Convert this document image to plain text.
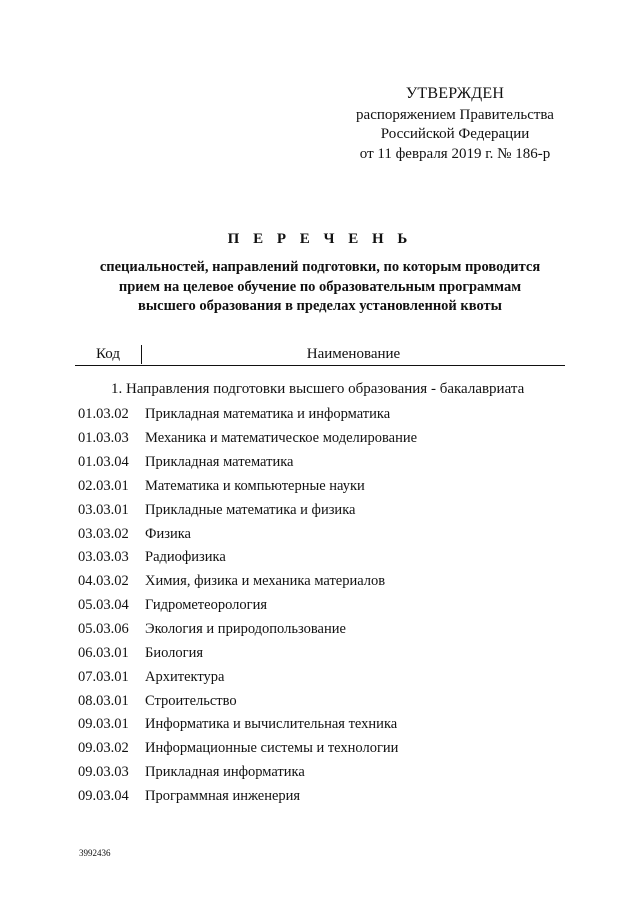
УТВЕРЖДЕН
распоряжением Правительства
Российской Федерации
от 11 февраля 2019 г. № 186-р
П Е Р Е Ч Е Н Ь
специальностей, направлений подготовки, по которым проводится
прием на целевое обучение по образовательным программам
высшего образования в пределах установленной квоты
Код	Наименование
1. Направления подготовки высшего образования - бакалавриата
01.03.02	Прикладная математика и информатика
01.03.03	Механика и математическое моделирование
01.03.04	Прикладная математика
02.03.01	Математика и компьютерные науки
03.03.01	Прикладные математика и физика
03.03.02	Физика
03.03.03	Радиофизика
04.03.02	Химия, физика и механика материалов
05.03.04	Гидрометеорология
05.03.06	Экология и природопользование
06.03.01	Биология
07.03.01	Архитектура
08.03.01	Строительство
09.03.01	Информатика и вычислительная техника
09.03.02	Информационные системы и технологии
09.03.03	Прикладная информатика
09.03.04	Программная инженерия
3992436
